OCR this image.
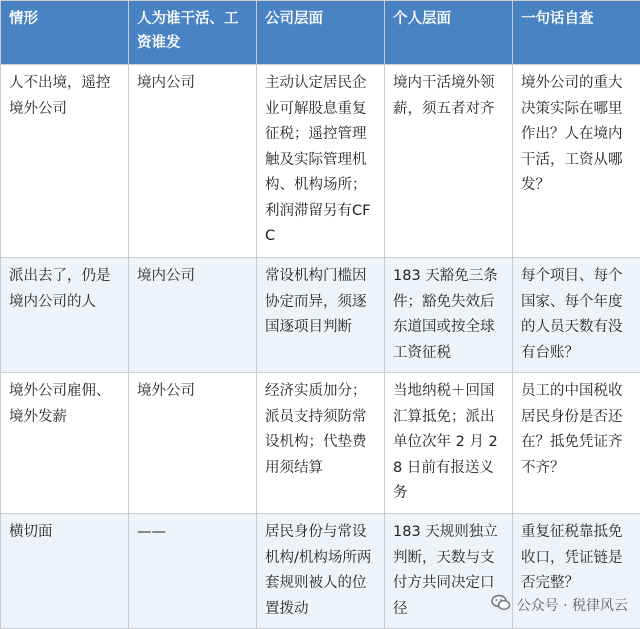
情形	人为谁干活、工资谁发	公司层面	个人层面	一句话自查
人不出境，遥控境外公司	境内公司	主动认定居民企业可解股息重复征税；遥控管理触及实际管理机构、机构场所；利润滞留另有CFC	境内干活境外领薪，须五者对齐	境外公司的重大决策实际在哪里作出？人在境内干活，工资从哪发？
派出去了，仍是境内公司的人	境内公司	常设机构门槛因协定而异，须逐国逐项目判断	183 天豁免三条件；豁免失效后东道国或按全球工资征税	每个项目、每个国家、每个年度的人员天数有没有台账？
境外公司雇佣、境外发薪	境外公司	经济实质加分；派员支持须防常设机构；代垫费用须结算	当地纳税＋回国汇算抵免；派出单位次年 2 月 28 日前有报送义务	员工的中国税收居民身份是否还在？抵免凭证齐不齐？
横切面	——	居民身份与常设机构/机构场所两套规则被人的位置拨动	183 天规则独立判断，天数与支付方共同决定口径	重复征税靠抵免收口，凭证链是否完整？
公众号 · 税律风云
